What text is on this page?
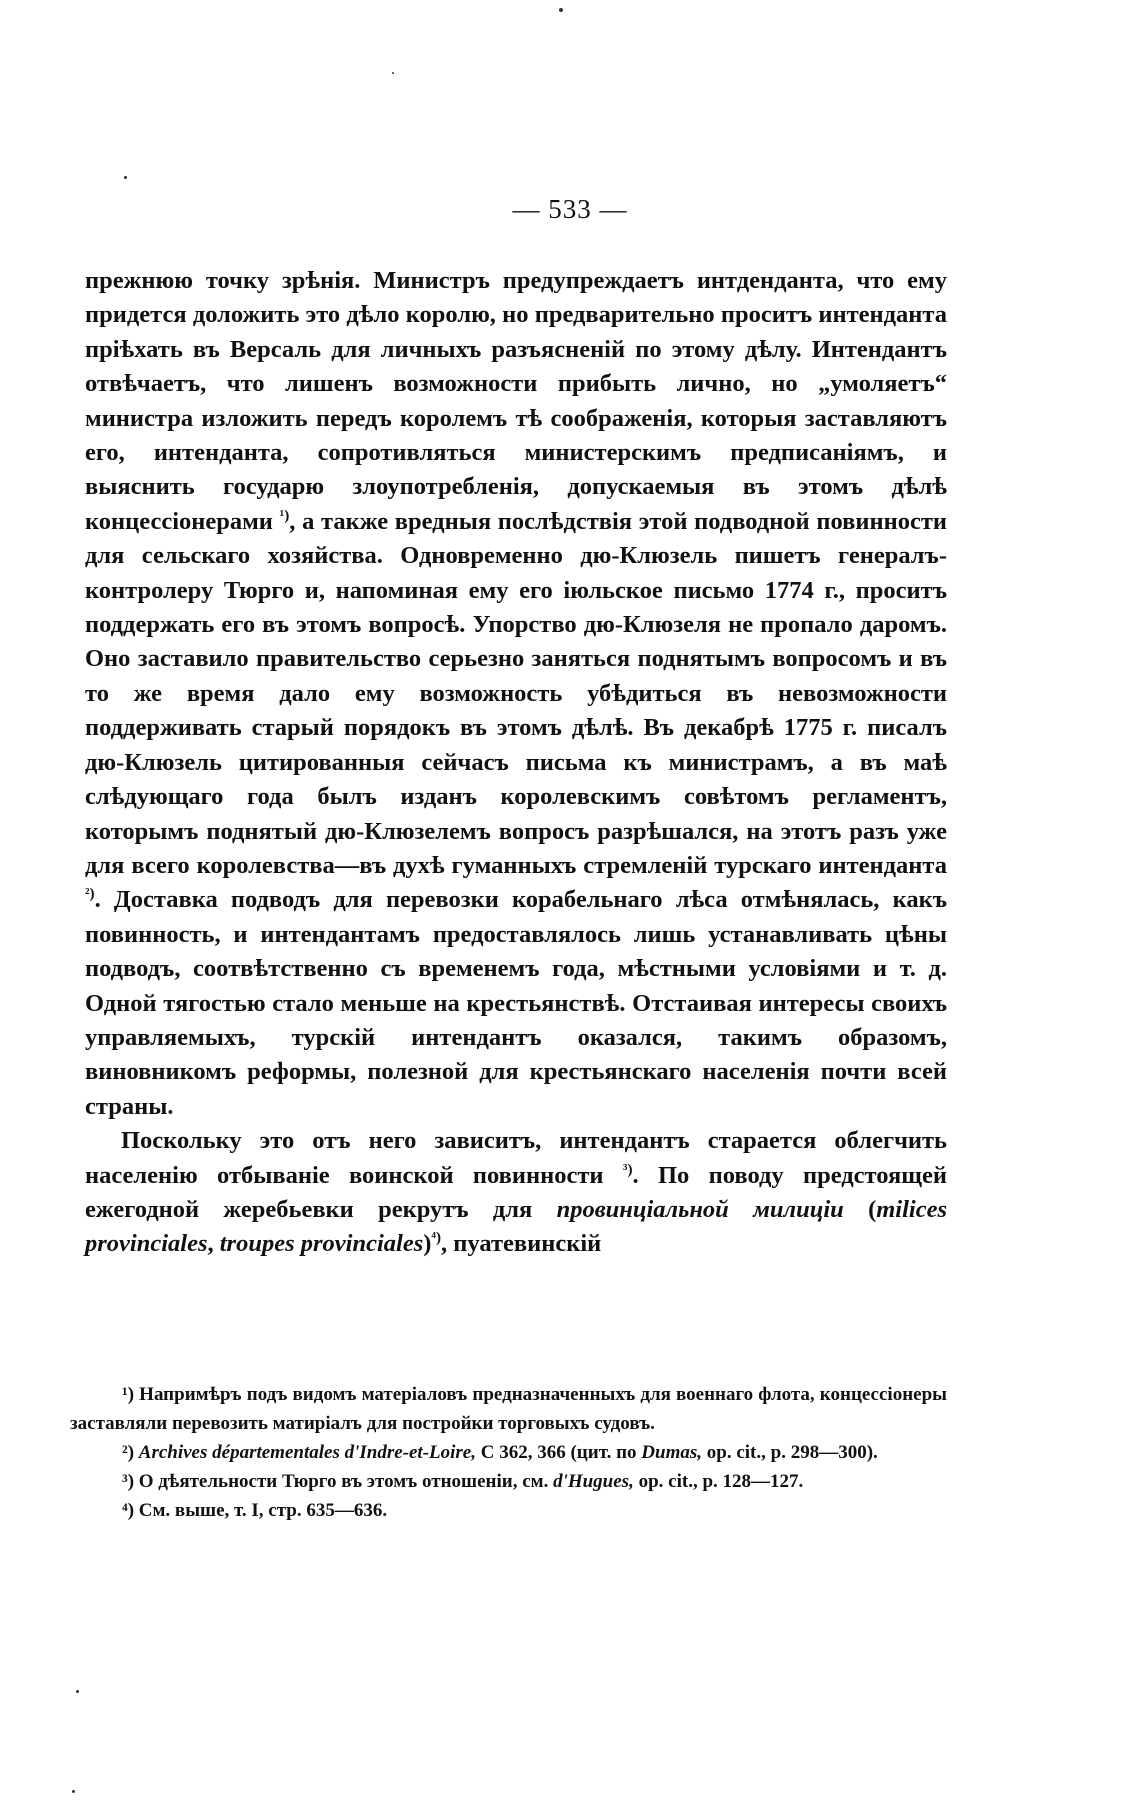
— 533 —

прежнюю точку зрѣнія. Министръ предупреждаетъ интденданта, что ему придется доложить это дѣло королю, но предварительно проситъ интенданта пріѣхать въ Версаль для личныхъ разъясненій по этому дѣлу. Интендантъ отвѣчаетъ, что лишенъ возможности прибыть лично, но „умоляетъ“ министра изложить передъ королемъ тѣ соображенія, которыя заставляютъ его, интенданта, сопротивляться министерскимъ предписаніямъ, и выяснить государю злоупотребленія, допускаемыя въ этомъ дѣлѣ концессіонерами $^{^1)}$, а также вредныя послѣдствія этой подводной повинности для сельскаго хозяйства. Одновременно дю-Клюзель пишетъ генералъ-контролеру Тюрго и, напоминая ему его іюльское письмо 1774 г., проситъ поддержать его въ этомъ вопросѣ. Упорство дю-Клюзеля не пропало даромъ. Оно заставило правительство серьезно заняться поднятымъ вопросомъ и въ то же время дало ему возможность убѣдиться въ невозможности поддерживать старый порядокъ въ этомъ дѣлѣ. Въ декабрѣ 1775 г. писалъ дю-Клюзель цитированныя сейчасъ письма къ министрамъ, а въ маѣ слѣдующаго года былъ изданъ королевскимъ совѣтомъ регламентъ, которымъ поднятый дю-Клюзелемъ вопросъ разрѣшался, на этотъ разъ уже для всего королевства—въ духѣ гуманныхъ стремленій турскаго интенданта $^{^2)}$. Доставка подводъ для перевозки корабельнаго лѣса отмѣнялась, какъ повинность, и интендантамъ предоставлялось лишь устанавливать цѣны подводъ, соотвѣтственно съ временемъ года, мѣстными условіями и т. д. Одной тягостью стало меньше на крестьянствѣ. Отстаивая интересы своихъ управляемыхъ, турскій интендантъ оказался, такимъ образомъ, виновникомъ реформы, полезной для крестьянскаго населенія почти всей страны.

Поскольку это отъ него зависитъ, интендантъ старается облегчить населенію отбываніе воинской повинности $^{^3)}$. По поводу предстоящей ежегодной жеребьевки рекрутъ для провинціальной милиціи (milices provinciales, troupes provinciales)$^{^4)}$, пуатевинскій

¹) Напримѣръ подъ видомъ матеріаловъ предназначенныхъ для военнаго флота, концессіонеры заставляли перевозить матиріалъ для постройки торговыхъ судовъ.

²) Archives départementales d'Indre-et-Loire, C 362, 366 (цит. по Dumas, op. cit., p. 298—300).

³) О дѣятельности Тюрго въ этомъ отношеніи, см. d'Hugues, op. cit., p. 128—127.

⁴) См. выше, т. I, стр. 635—636.
